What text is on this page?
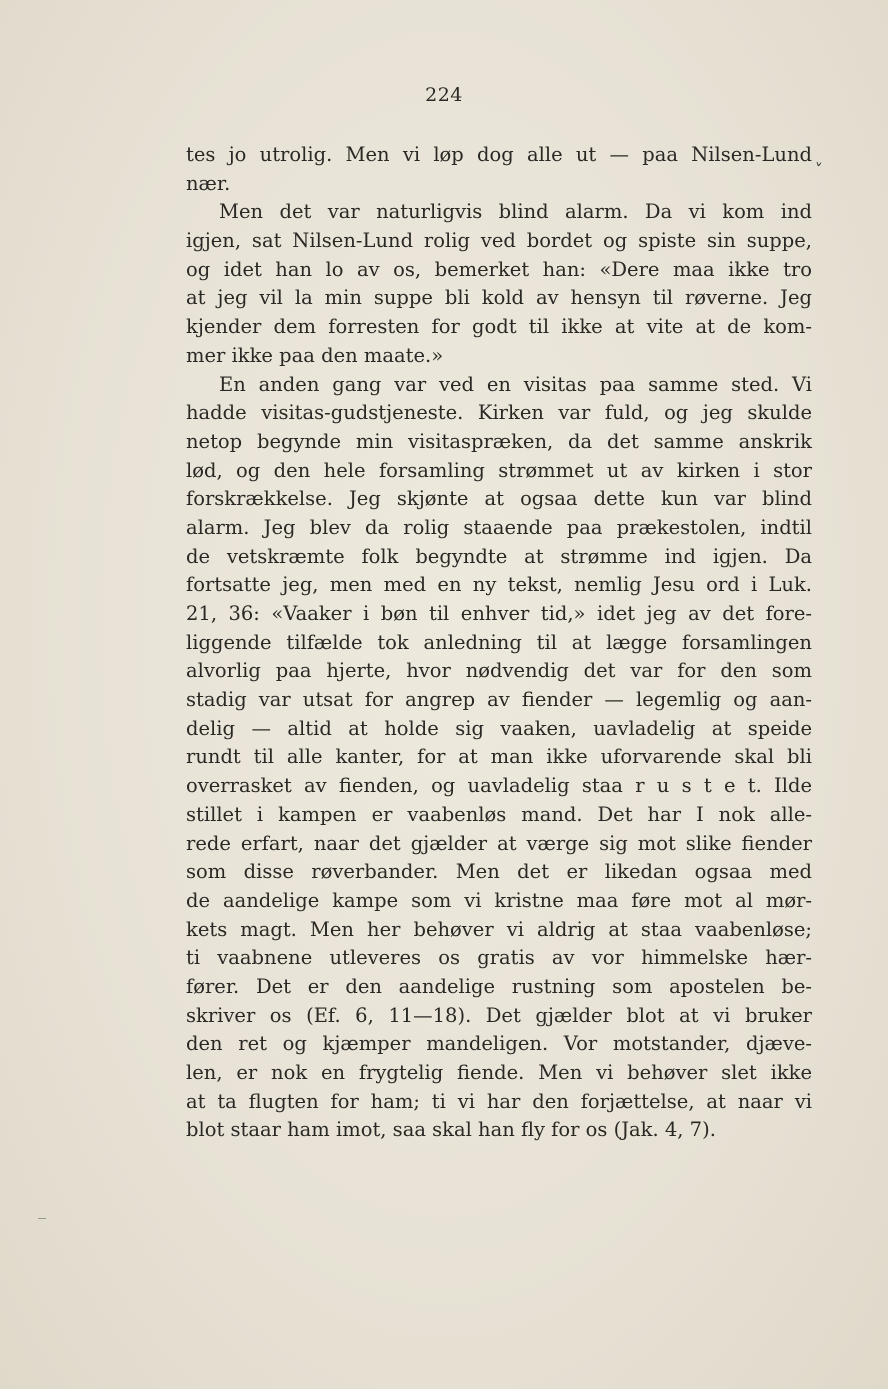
224
˅
tes jo utrolig. Men vi løp dog alle ut — paa Nilsen-Lund
nær.
Men det var naturligvis blind alarm. Da vi kom ind
igjen, sat Nilsen-Lund rolig ved bordet og spiste sin suppe,
og idet han lo av os, bemerket han: «Dere maa ikke tro
at jeg vil la min suppe bli kold av hensyn til røverne. Jeg
kjender dem forresten for godt til ikke at vite at de kom-
mer ikke paa den maate.»
En anden gang var ved en visitas paa samme sted. Vi
hadde visitas-gudstjeneste. Kirken var fuld, og jeg skulde
netop begynde min visitaspræken, da det samme anskrik
lød, og den hele forsamling strømmet ut av kirken i stor
forskrækkelse. Jeg skjønte at ogsaa dette kun var blind
alarm. Jeg blev da rolig staaende paa prækestolen, indtil
de vetskræmte folk begyndte at strømme ind igjen. Da
fortsatte jeg, men med en ny tekst, nemlig Jesu ord i Luk.
21, 36: «Vaaker i bøn til enhver tid,» idet jeg av det fore-
liggende tilfælde tok anledning til at lægge forsamlingen
alvorlig paa hjerte, hvor nødvendig det var for den som
stadig var utsat for angrep av fiender — legemlig og aan-
delig — altid at holde sig vaaken, uavladelig at speide
rundt til alle kanter, for at man ikke uforvarende skal bli
overrasket av fienden, og uavladelig staa r u s t e t. Ilde
stillet i kampen er vaabenløs mand. Det har I nok alle-
rede erfart, naar det gjælder at værge sig mot slike fiender
som disse røverbander. Men det er likedan ogsaa med
de aandelige kampe som vi kristne maa føre mot al mør-
kets magt. Men her behøver vi aldrig at staa vaabenløse;
ti vaabnene utleveres os gratis av vor himmelske hær-
fører. Det er den aandelige rustning som apostelen be-
skriver os (Ef. 6, 11—18). Det gjælder blot at vi bruker
den ret og kjæmper mandeligen. Vor motstander, djæve-
len, er nok en frygtelig fiende. Men vi behøver slet ikke
at ta flugten for ham; ti vi har den forjættelse, at naar vi
blot staar ham imot, saa skal han fly for os (Jak. 4, 7).
